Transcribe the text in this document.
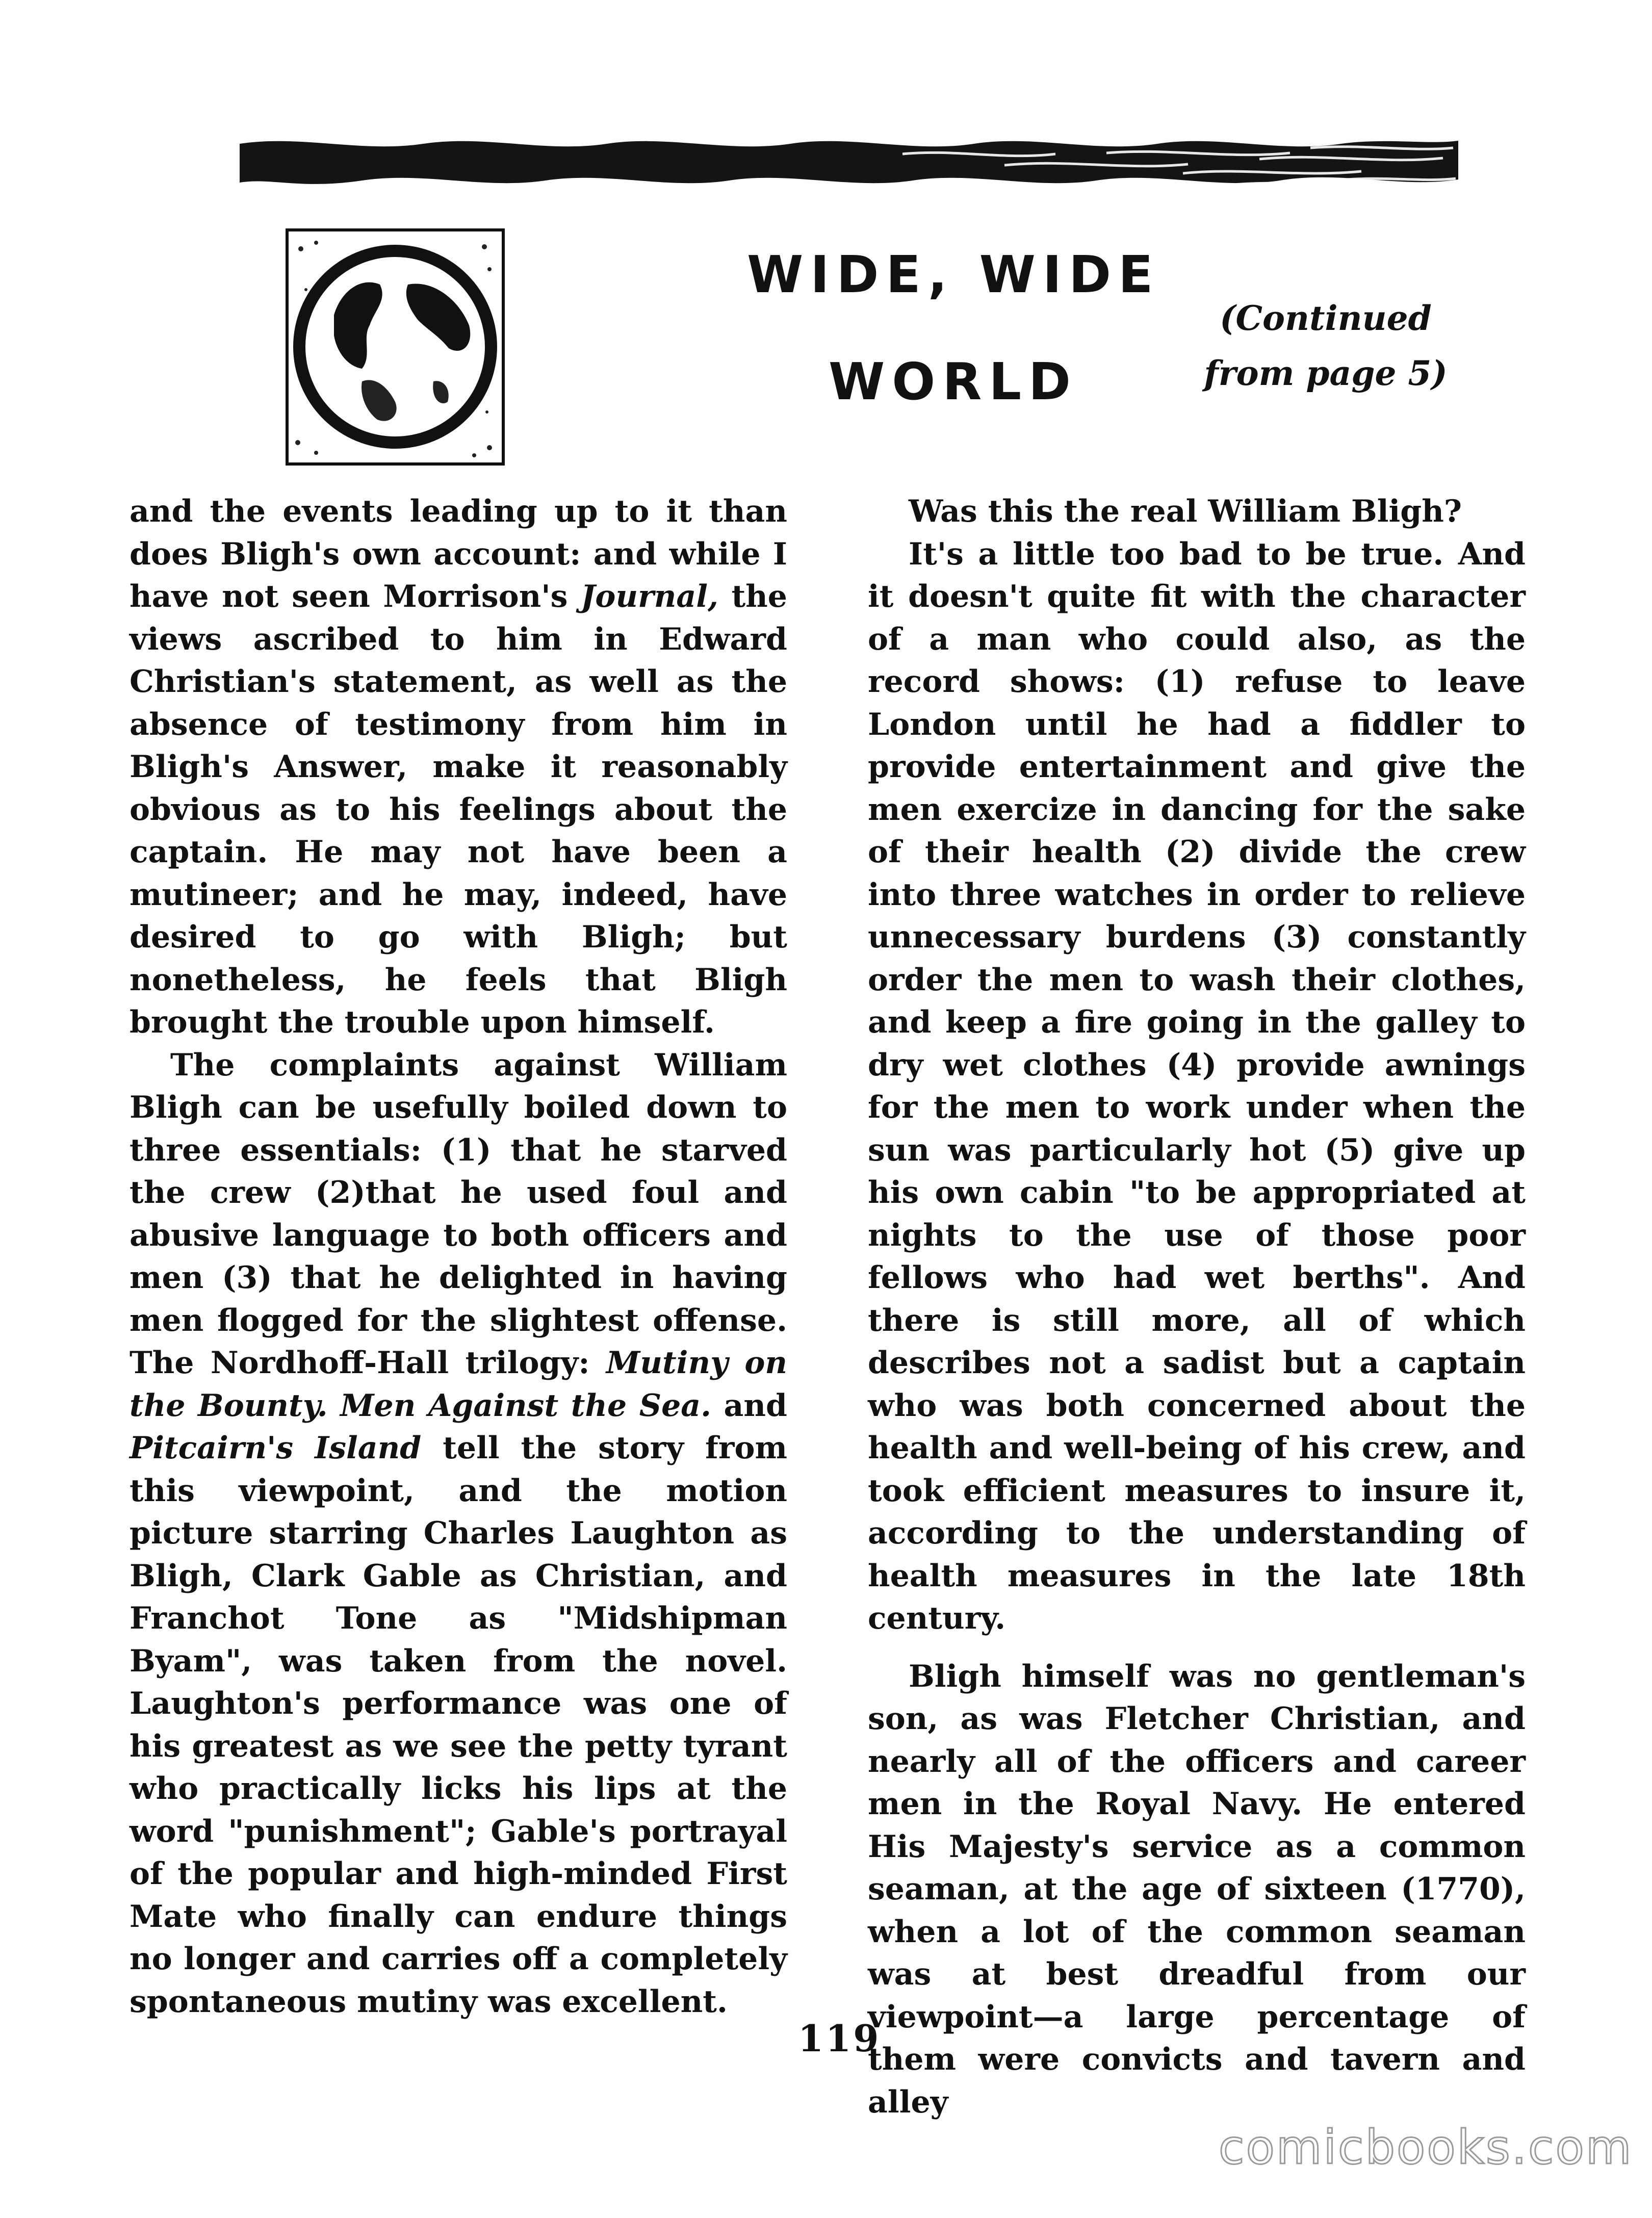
WIDE, WIDE
WORLD
(Continued
from page 5)

and the events leading up to it than does Bligh's own account: and while I have not seen Morrison's Journal, the views ascribed to him in Edward Christian's statement, as well as the absence of testimony from him in Bligh's Answer, make it reasonably obvious as to his feelings about the captain. He may not have been a mutineer; and he may, indeed, have desired to go with Bligh; but nonetheless, he feels that Bligh brought the trouble upon himself.

The complaints against William Bligh can be usefully boiled down to three essentials: (1) that he starved the crew (2)that he used foul and abusive language to both officers and men (3) that he delighted in having men flogged for the slightest offense. The Nordhoff-Hall trilogy: Mutiny on the Bounty. Men Against the Sea. and Pitcairn's Island tell the story from this viewpoint, and the motion picture starring Charles Laughton as Bligh, Clark Gable as Christian, and Franchot Tone as "Midshipman Byam", was taken from the novel. Laughton's performance was one of his greatest as we see the petty tyrant who practically licks his lips at the word "punishment"; Gable's portrayal of the popular and high-minded First Mate who finally can endure things no longer and carries off a completely spontaneous mutiny was excellent.

Was this the real William Bligh?

It's a little too bad to be true. And it doesn't quite fit with the character of a man who could also, as the record shows: (1) refuse to leave London until he had a fiddler to provide entertainment and give the men exercize in dancing for the sake of their health (2) divide the crew into three watches in order to relieve unnecessary burdens (3) constantly order the men to wash their clothes, and keep a fire going in the galley to dry wet clothes (4) provide awnings for the men to work under when the sun was particularly hot (5) give up his own cabin "to be appropriated at nights to the use of those poor fellows who had wet berths". And there is still more, all of which describes not a sadist but a captain who was both concerned about the health and well-being of his crew, and took efficient measures to insure it, according to the understanding of health measures in the late 18th century.

Bligh himself was no gentleman's son, as was Fletcher Christian, and nearly all of the officers and career men in the Royal Navy. He entered His Majesty's service as a common seaman, at the age of sixteen (1770), when a lot of the common seaman was at best dreadful from our viewpoint—a large percentage of them were convicts and tavern and alley

119
comicbooks.com
